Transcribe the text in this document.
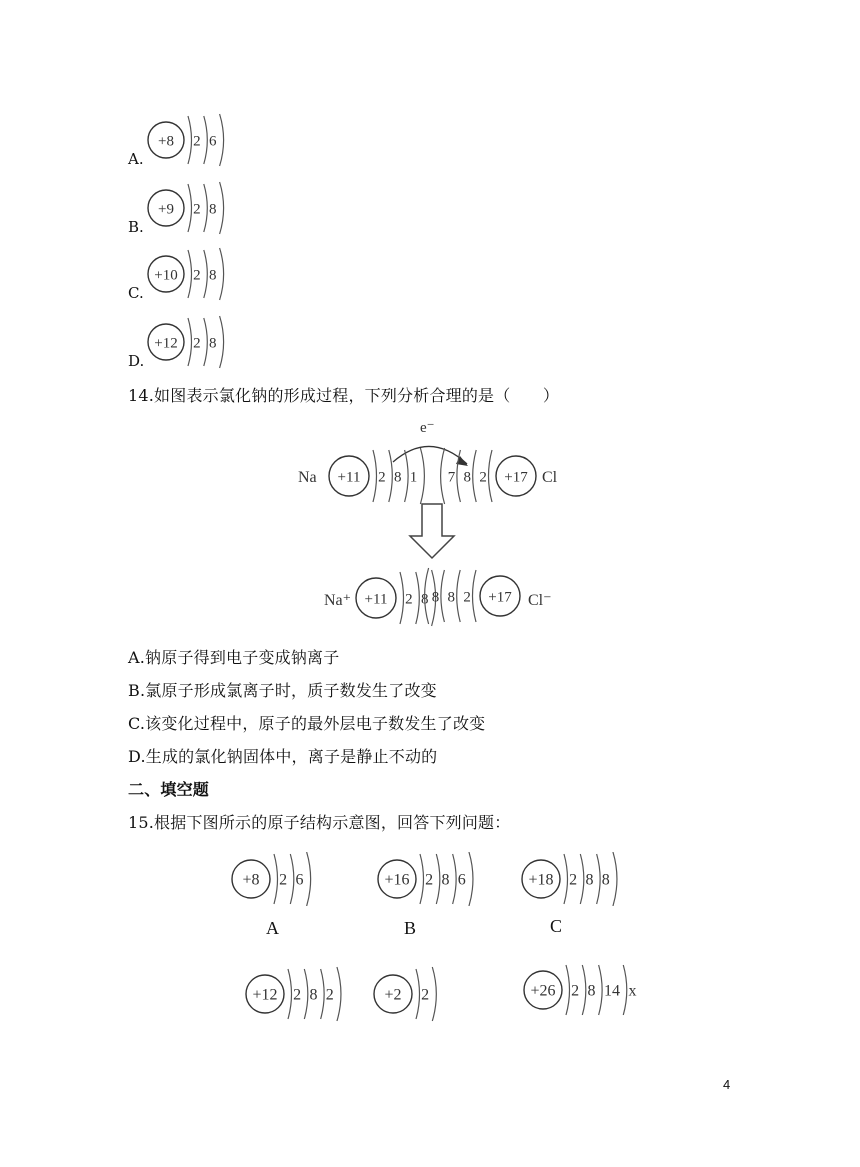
+8 2 6
A.
+9 2 8
B.
+10 2 8
C.
+12 2 8
D.
14.如图表示氯化钠的形成过程，下列分析合理的是（　　）
e⁻
Na +11 2 8 1	+17
2
8
7	Cl
Na⁺ +11 2 8	+17
2
8
8	Cl⁻
A.钠原子得到电子变成钠离子
B.氯原子形成氯离子时，质子数发生了改变
C.该变化过程中，原子的最外层电子数发生了改变
D.生成的氯化钠固体中，离子是静止不动的
二、填空题
15.根据下图所示的原子结构示意图，回答下列问题：
+8 2 6
A
+16 2 8 6
B
+18 2 8 8
C
+12 2 8 2	+2 2	+26 2 8 14 x
4
